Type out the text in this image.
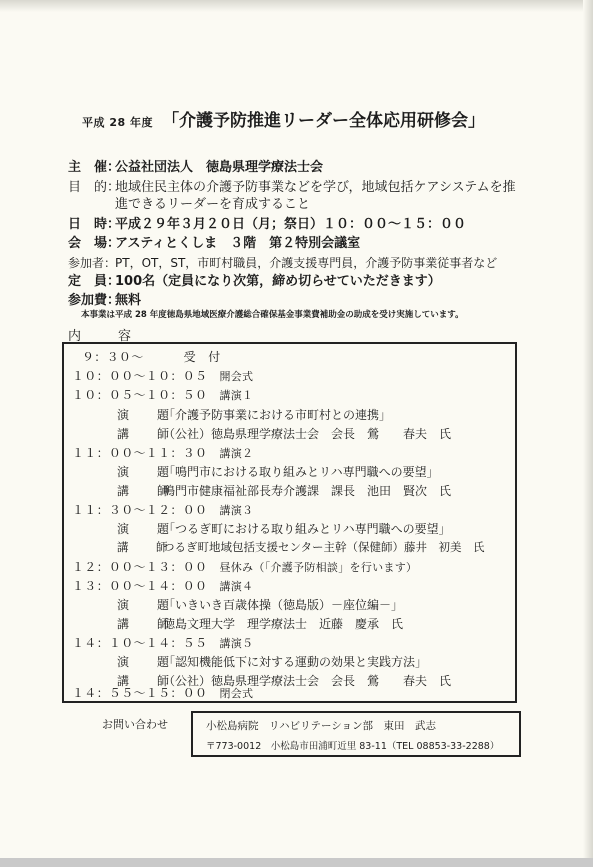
平成 28 年度 「介護予防推進リーダー全体応用研修会」
主　催：公益社団法人　徳島県理学療法士会
目　的：地域住民主体の介護予防事業などを学び，地域包括ケアシステムを推
進できるリーダーを育成すること
日　時：平成２９年３月２０日（月；祭日）１０：００～１５：００
会　場：アスティとくしま　３階　第２特別会議室
参加者：PT，OT，ST，市町村職員，介護支援専門員，介護予防事業従事者など
定　員：100名（定員になり次第，締め切らせていただきます）
参加費：無料
本事業は平成 28 年度徳島県地域医療介護総合確保基金事業費補助金の助成を受け実施しています。
内　容
９：３０～	受　付
１０：００～１０：０５ 開会式
１０：０５～１０：５０ 講演１
演　題「介護予防事業における市町村との連携」
講　師（公社）徳島県理学療法士会　会長　鶯　　春夫　氏
１１：００～１１：３０ 講演２
演　題「鳴門市における取り組みとリハ専門職への要望」
講　師鳴門市健康福祉部長寿介護課　課長　池田　賢次　氏
１１：３０～１２：００ 講演３
演　題「つるぎ町における取り組みとリハ専門職への要望」
講　師つるぎ町地域包括支援センター主幹（保健師）藤井　初美　氏
１２：００～１３：００ 昼休み（「介護予防相談」を行います）
１３：００～１４：００ 講演４
演　題「いきいき百歳体操（徳島版）－座位編－」
講　師徳島文理大学　理学療法士　近藤　慶承　氏
１４：１０～１４：５５ 講演５
演　題「認知機能低下に対する運動の効果と実践方法」
講　師（公社）徳島県理学療法士会　会長　鶯　　春夫　氏
１４：５５～１５：００ 閉会式
お問い合わせ	小松島病院　リハビリテーション部　東田　武志
〒773-0012　小松島市田浦町近里 83-11（TEL 08853-33-2288）
